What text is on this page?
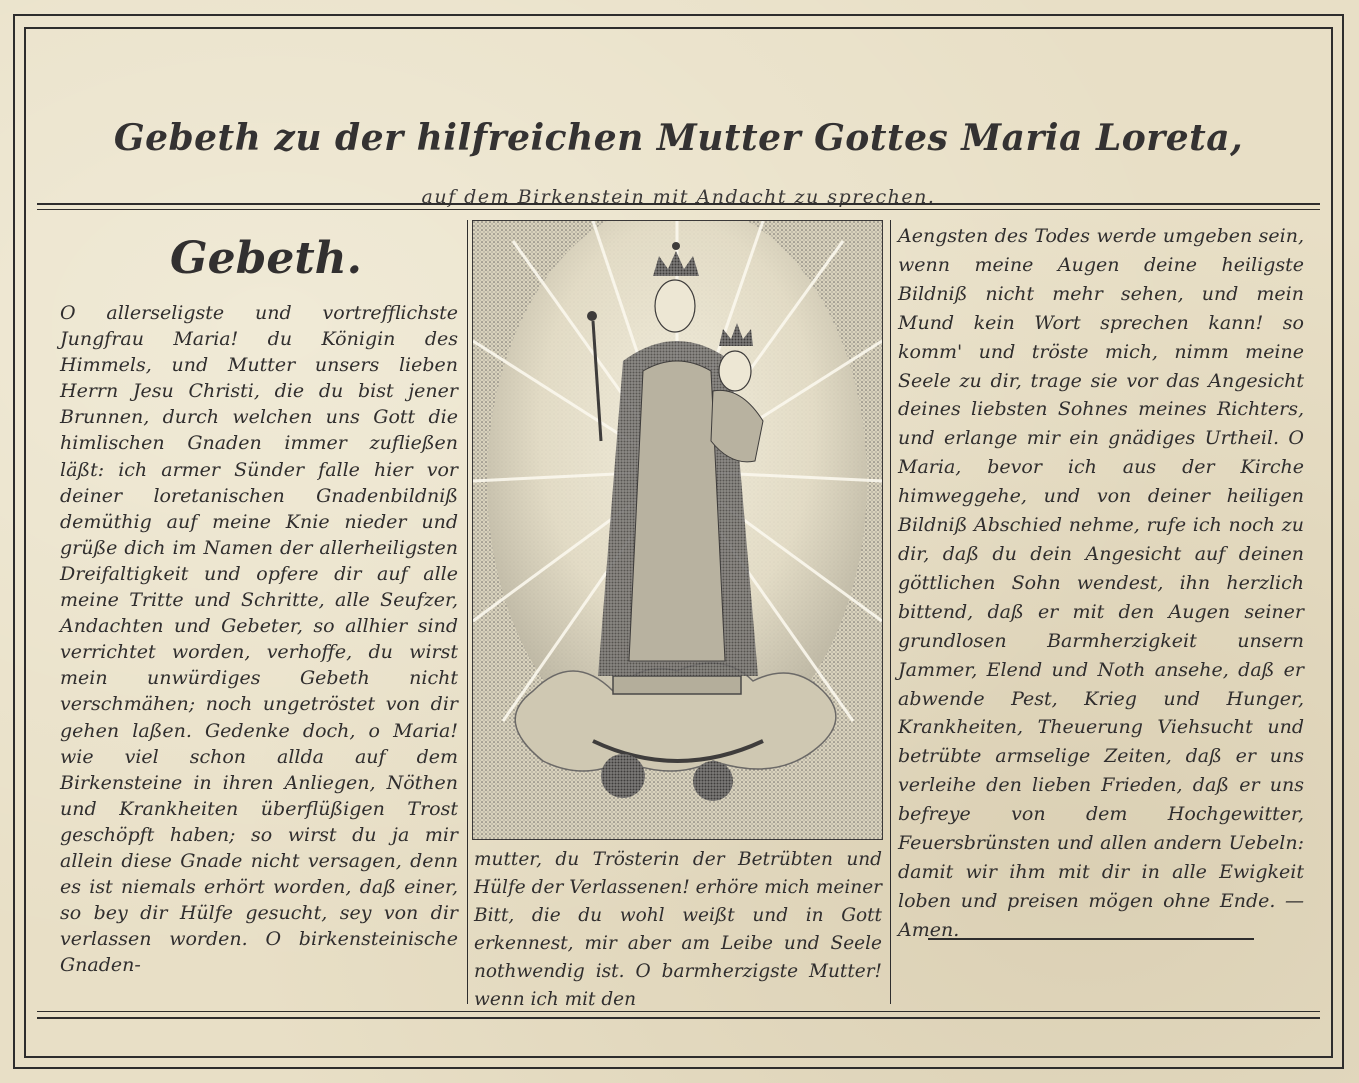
Gebeth zu der hilfreichen Mutter Gottes Maria Loreta,
auf dem Birkenstein mit Andacht zu sprechen.
Gebeth.
O allerseligste und vortrefflichste Jungfrau Maria! du Königin des Himmels, und Mutter unsers lieben Herrn Jesu Christi, die du bist jener Brunnen, durch welchen uns Gott die himlischen Gnaden immer zufließen läßt: ich armer Sünder falle hier vor deiner loretanischen Gnadenbildniß demüthig auf meine Knie nieder und grüße dich im Namen der allerheiligsten Dreifaltigkeit und opfere dir auf alle meine Tritte und Schritte, alle Seufzer, Andachten und Gebeter, so allhier sind verrichtet worden, verhoffe, du wirst mein unwürdiges Gebeth nicht verschmähen; noch ungetröstet von dir gehen laßen. Gedenke doch, o Maria! wie viel schon allda auf dem Birkensteine in ihren Anliegen, Nöthen und Krankheiten überflüßigen Trost geschöpft haben; so wirst du ja mir allein diese Gnade nicht versagen, denn es ist niemals erhört worden, daß einer, so bey dir Hülfe gesucht, sey von dir verlassen worden. O birkensteinische Gnaden-
mutter, du Trösterin der Betrübten und Hülfe der Verlassenen! erhöre mich meiner Bitt, die du wohl weißt und in Gott erkennest, mir aber am Leibe und Seele nothwendig ist. O barmherzigste Mutter! wenn ich mit den
Aengsten des Todes werde umgeben sein, wenn meine Augen deine heiligste Bildniß nicht mehr sehen, und mein Mund kein Wort sprechen kann! so komm' und tröste mich, nimm meine Seele zu dir, trage sie vor das Angesicht deines liebsten Sohnes meines Richters, und erlange mir ein gnädiges Urtheil. O Maria, bevor ich aus der Kirche himweggehe, und von deiner heiligen Bildniß Abschied nehme, rufe ich noch zu dir, daß du dein Angesicht auf deinen göttlichen Sohn wendest, ihn herzlich bittend, daß er mit den Augen seiner grundlosen Barmherzigkeit unsern Jammer, Elend und Noth ansehe, daß er abwende Pest, Krieg und Hunger, Krankheiten, Theuerung Viehsucht und betrübte armselige Zeiten, daß er uns verleihe den lieben Frieden, daß er uns befreye von dem Hochgewitter, Feuersbrünsten und allen andern Uebeln: damit wir ihm mit dir in alle Ewigkeit loben und preisen mögen ohne Ende. — Amen.
